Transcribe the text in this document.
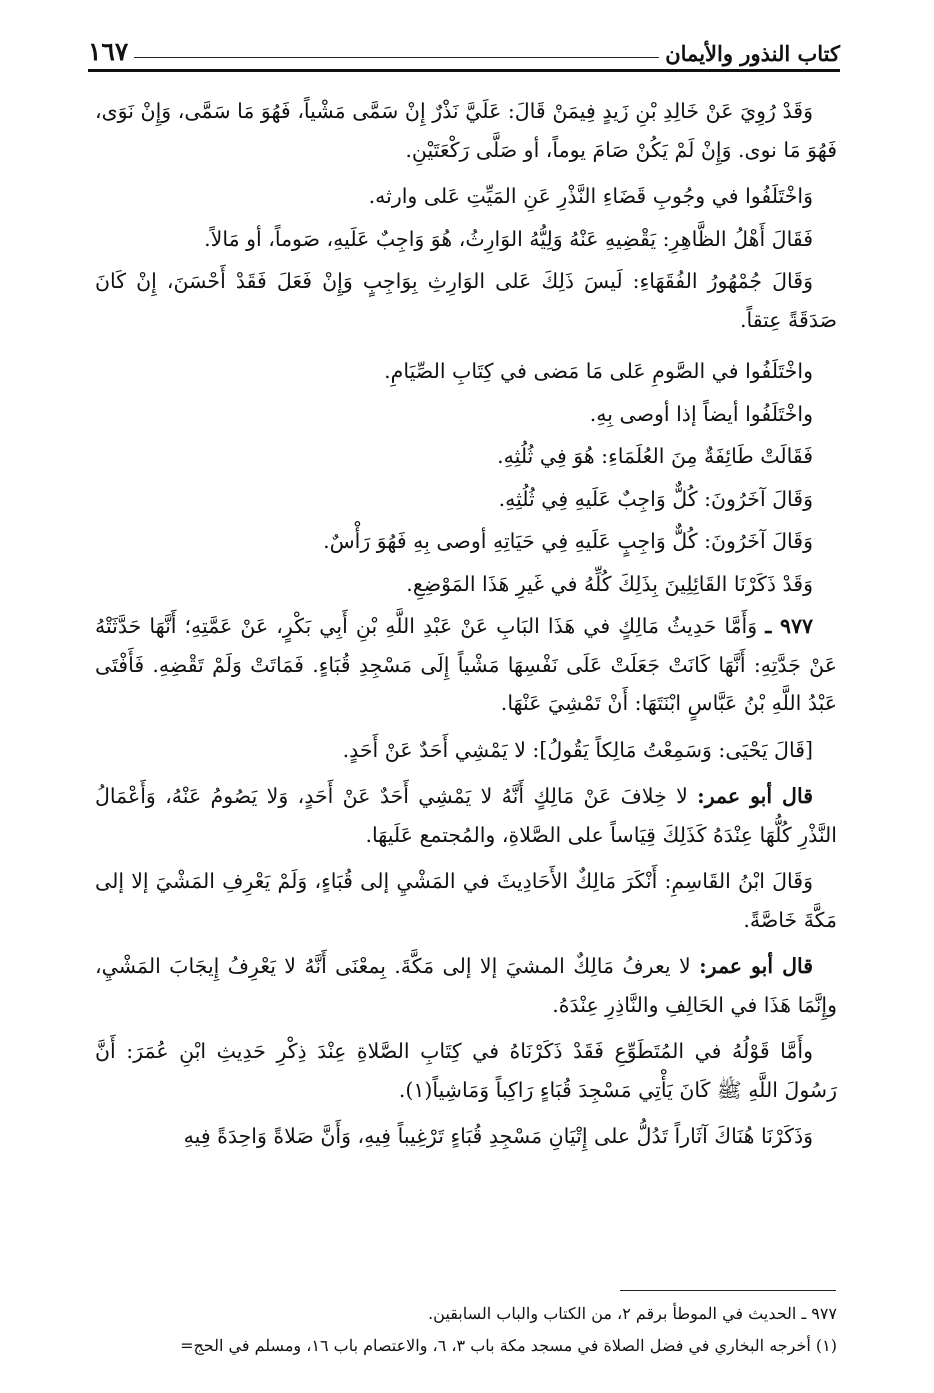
كتاب النذور والأيمان
١٦٧

وَقَدْ رُوِيَ عَنْ خَالِدِ بْنِ زَيدٍ فِيمَنْ قَالَ: عَلَيَّ نَذْرٌ إِنْ سَمَّى مَشْياً، فَهُوَ مَا سَمَّى، وَإِنْ نَوَى، فَهُوَ مَا نوى. وَإِنْ لَمْ يَكُنْ صَامَ يوماً، أو صَلَّى رَكْعَتَيْنِ.

وَاخْتَلَفُوا في وجُوبِ قَضَاءِ النَّذْرِ عَنِ المَيِّتِ عَلى وارثه.

فَقَالَ أَهْلُ الظَّاهِرِ: يَقْضِيهِ عَنْهُ وَلِيُّهُ الوَارِثُ، هُوَ وَاجِبٌ عَلَيهِ، صَوماً، أو مَالاً.

وَقَالَ جُمْهُورُ الفُقَهَاءِ: لَيسَ ذَلِكَ عَلى الوَارِثِ بِوَاجِبٍ وَإِنْ فَعَلَ فَقَدْ أَحْسَنَ، إِنْ كَانَ صَدَقَةً عِتقاً.

واخْتَلَفُوا في الصَّومِ عَلى مَا مَضى في كِتَابِ الصِّيَامِ.

واخْتَلَفُوا أيضاً إذا أوصى بِهِ.

فَقَالَتْ طَائِفَةٌ مِنَ العُلَمَاءِ: هُوَ فِي ثُلُثِهِ.

وَقَالَ آخَرُونَ: كُلٌّ وَاجِبٌ عَلَيهِ فِي ثُلُثِهِ.

وَقَالَ آخَرُونَ: كُلٌّ وَاجِبٍ عَلَيهِ فِي حَيَاتِهِ أوصى بِهِ فَهُوَ رَأْسٌ.

وَقَدْ ذَكَرْنَا القَائِلِينَ بِذَلِكَ كُلِّهُ في غَيرِ هَذَا المَوْضِعِ.

٩٧٧ ـ وَأَمَّا حَدِيثُ مَالِكٍ في هَذَا البَابِ عَنْ عَبْدِ اللَّهِ بْنِ أَبِي بَكْرٍ، عَنْ عَمَّتِهِ؛ أَنَّهَا حَدَّثَتْهُ عَنْ جَدَّتِهِ: أَنَّهَا كَانَتْ جَعَلَتْ عَلَى نَفْسِهَا مَشْياً إِلَى مَسْجِدِ قُبَاءٍ. فَمَاتَتْ وَلَمْ تَقْضِهِ. فَأَفْتَى عَبْدُ اللَّهِ بْنُ عَبَّاسٍ ابْنَتَهَا: أَنْ تَمْشِيَ عَنْهَا.

[قَالَ يَحْيَى: وَسَمِعْتُ مَالِكاً يَقُولُ]: لا يَمْشِي أَحَدٌ عَنْ أَحَدٍ.

قال أبو عمر: لا خِلافَ عَنْ مَالِكٍ أَنَّهُ لا يَمْشِي أَحَدٌ عَنْ أَحَدٍ، وَلا يَصُومُ عَنْهُ، وَأَعْمَالُ النَّذْرِ كُلُّهَا عِنْدَهُ كَذَلِكَ قِيَاساً على الصَّلاةِ، والمُجتمع عَلَيهَا.

وَقَالَ ابْنُ القَاسِمِ: أَنْكَرَ مَالِكٌ الأَحَادِيثَ في المَشْيِ إلى قُبَاءٍ، وَلَمْ يَعْرِفِ المَشْيَ إلا إلى مَكَّةَ خَاصَّةً.

قال أبو عمر: لا يعرفُ مَالِكٌ المشيَ إلا إلى مَكَّةَ. بِمعْنَى أَنَّهُ لا يَعْرِفُ إِيجَابَ المَشْيِ، وإِنَّمَا هَذَا في الحَالِفِ والنَّاذِرِ عِنْدَهُ.

وأَمَّا قَوْلُهُ في المُتَطَوِّعِ فَقَدْ ذَكَرْنَاهُ في كِتَابِ الصَّلاةِ عِنْدَ ذِكْرِ حَدِيثِ ابْنِ عُمَرَ: أَنَّ رَسُولَ اللَّهِ ﷺ كَانَ يَأْتِي مَسْجِدَ قُبَاءٍ رَاكِباً وَمَاشِياً(١).

وَذَكَرْنَا هُنَاكَ آثَاراً تَدُلُّ على إِتْيَانِ مَسْجِدِ قُبَاءٍ تَرْغِيباً فِيهِ، وَأَنَّ صَلاةً وَاحِدَةً فِيهِ

٩٧٧ ـ الحديث في الموطأ برقم ٢، من الكتاب والباب السابقين.

(١) أخرجه البخاري في فضل الصلاة في مسجد مكة باب ٣، ٦، والاعتصام باب ١٦، ومسلم في الحج=
